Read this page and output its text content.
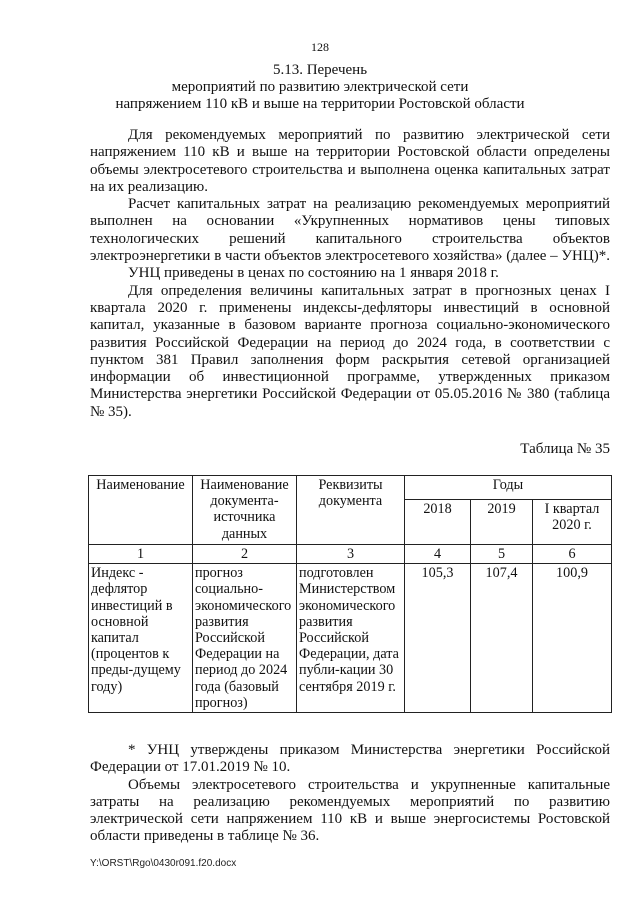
128
5.13. Перечень
мероприятий по развитию электрической сети
напряжением 110 кВ и выше на территории Ростовской области

Для рекомендуемых мероприятий по развитию электрической сети напряжением 110 кВ и выше на территории Ростовской области определены объемы электросетевого строительства и выполнена оценка капитальных затрат на их реализацию.

Расчет капитальных затрат на реализацию рекомендуемых мероприятий выполнен на основании «Укрупненных нормативов цены типовых технологических решений капитального строительства объектов электроэнергетики в части объектов электросетевого хозяйства» (далее – УНЦ)*.

УНЦ приведены в ценах по состоянию на 1 января 2018 г.

Для определения величины капитальных затрат в прогнозных ценах I квартала 2020 г. применены индексы-дефляторы инвестиций в основной капитал, указанные в базовом варианте прогноза социально-экономического развития Российской Федерации на период до 2024 года, в соответствии с пунктом 381 Правил заполнения форм раскрытия сетевой организацией информации об инвестиционной программе, утвержденных приказом Министерства энергетики Российской Федерации от 05.05.2016 № 380 (таблица № 35).

Таблица № 35
Наименование	Наименование документа-источника данных	Реквизиты документа	Годы		
			2018	2019	I квартал 2020 г.
1	2	3	4	5	6
Индекс - дефлятор инвестиций в основной капитал (процентов к преды-дущему году)	прогноз социально-экономического развития Российской Федерации на период до 2024 года (базовый прогноз)	подготовлен Министерством экономического развития Российской Федерации, дата публи-кации 30 сентября 2019 г.	105,3	107,4	100,9

* УНЦ утверждены приказом Министерства энергетики Российской Федерации от 17.01.2019 № 10.

Объемы электросетевого строительства и укрупненные капитальные затраты на реализацию рекомендуемых мероприятий по развитию электрической сети напряжением 110 кВ и выше энергосистемы Ростовской области приведены в таблице № 36.

Y:\ORST\Rgo\0430r091.f20.docx
